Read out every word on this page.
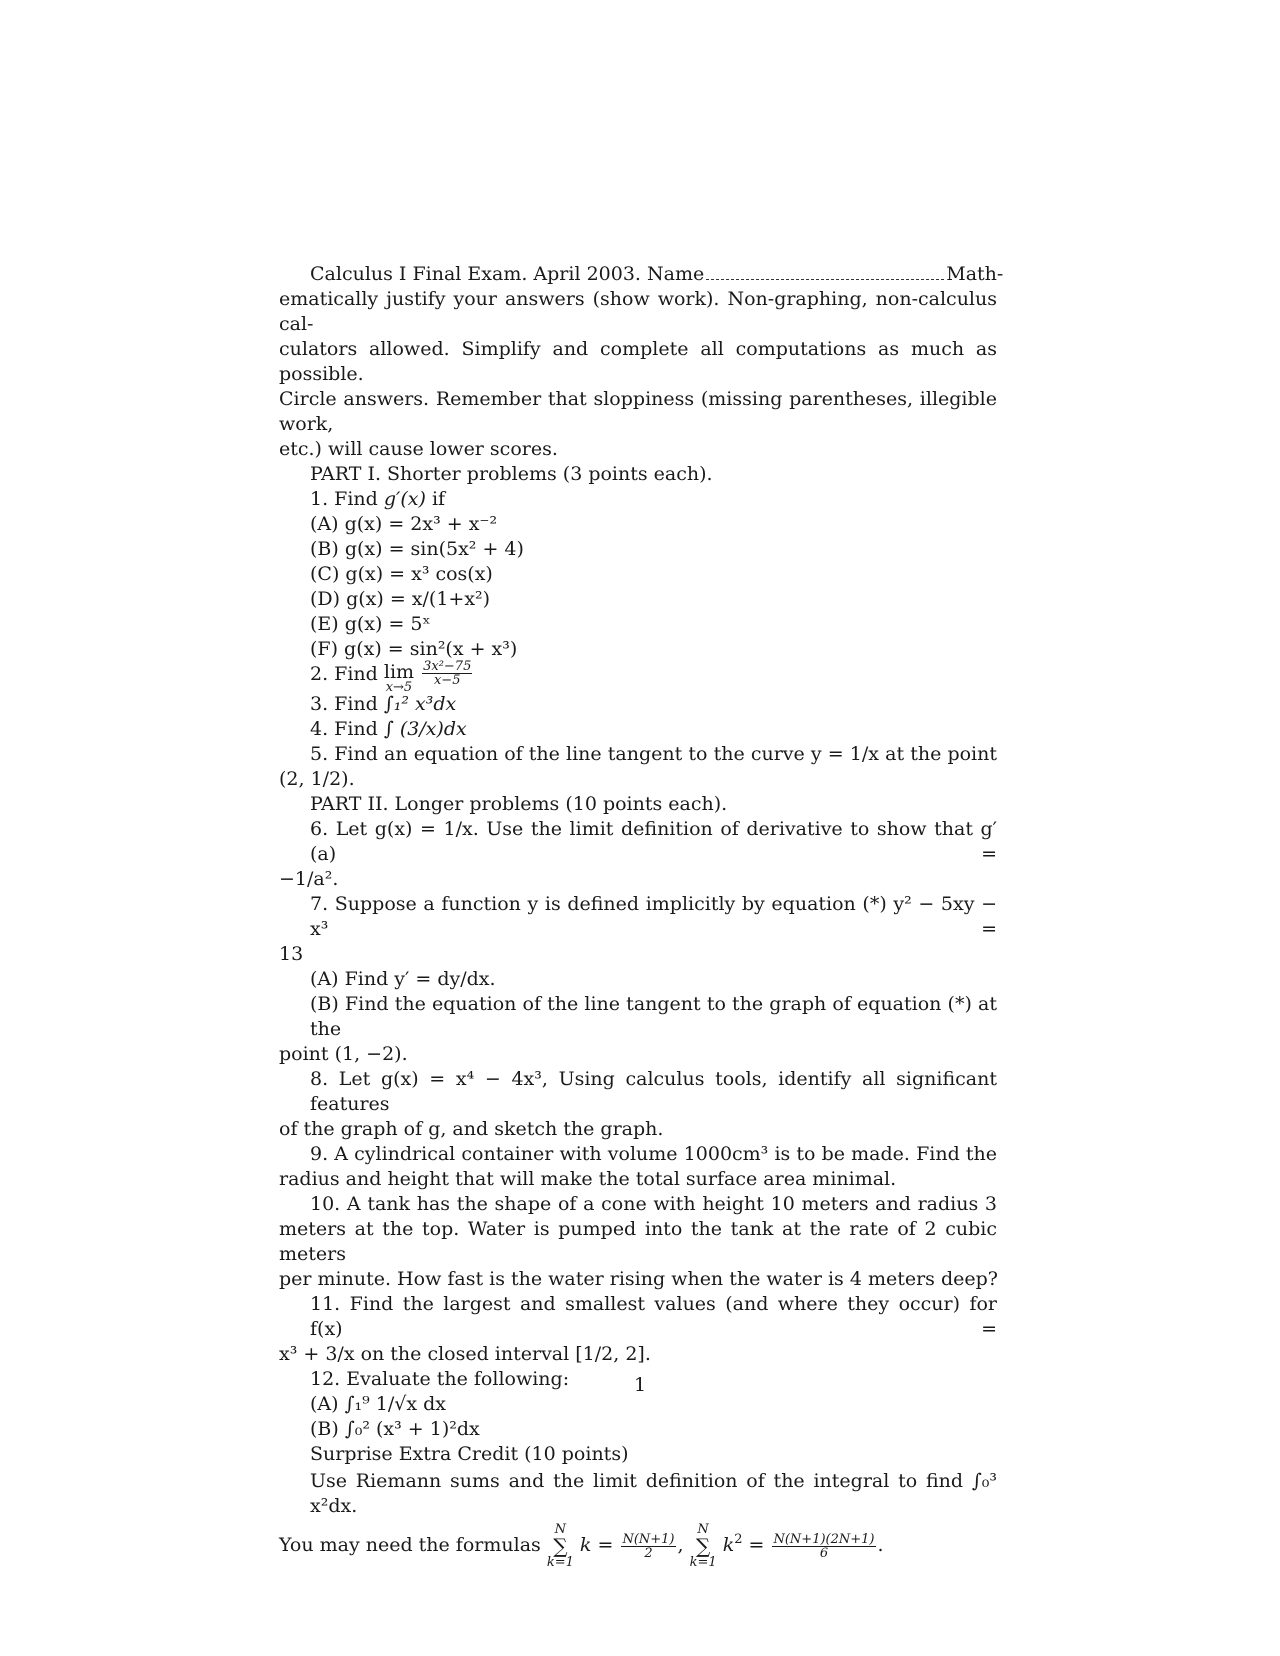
Calculus I Final Exam. April 2003. Name	Math-
ematically justify your answers (show work). Non-graphing, non-calculus cal-
culators allowed. Simplify and complete all computations as much as possible.
Circle answers. Remember that sloppiness (missing parentheses, illegible work,
etc.) will cause lower scores.
PART I. Shorter problems (3 points each).
1. Find g′(x) if
(A) g(x) = 2x³ + x⁻²
(B) g(x) = sin(5x² + 4)
(C) g(x) = x³ cos(x)
(D) g(x) = x/(1+x²)
(E) g(x) = 5ˣ
(F) g(x) = sin²(x + x³)
2. Find lim
x→5

$\frac{\text{3x²−75}}{x-5}$
3. Find ∫₁² x³dx
4. Find ∫ (3/x)dx
5. Find an equation of the line tangent to the curve y = 1/x at the point
(2, 1/2).
PART II. Longer problems (10 points each).
6. Let g(x) = 1/x. Use the limit definition of derivative to show that g′(a) =
−1/a².
7. Suppose a function y is defined implicitly by equation (*) y² − 5xy − x³ =
13
(A) Find y′ = dy/dx.
(B) Find the equation of the line tangent to the graph of equation (*) at the
point (1, −2).
8. Let g(x) = x⁴ − 4x³, Using calculus tools, identify all significant features
of the graph of g, and sketch the graph.
9. A cylindrical container with volume 1000cm³ is to be made. Find the
radius and height that will make the total surface area minimal.
10. A tank has the shape of a cone with height 10 meters and radius 3
meters at the top. Water is pumped into the tank at the rate of 2 cubic meters
per minute. How fast is the water rising when the water is 4 meters deep?
11. Find the largest and smallest values (and where they occur) for f(x) =
x³ + 3/x on the closed interval [1/2, 2].
12. Evaluate the following:
(A) ∫₁⁹ 1/√x dx
(B) ∫₀² (x³ + 1)²dx
Surprise Extra Credit (10 points)
Use Riemann sums and the limit definition of the integral to find ∫₀³ x²dx.
You may need the formulas
N
∑
k=1
$k = \frac{N(N+1)}{2}$ ,
N
∑
k=1
$k^2 = \frac{N(N+1)(2N+1)}{6}$ .
1
